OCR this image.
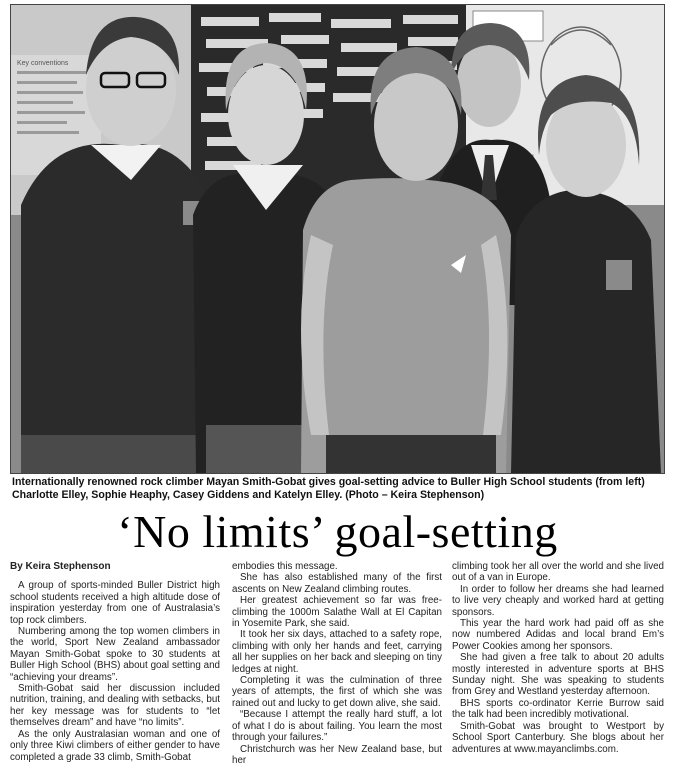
Key conventions
Internationally renowned rock climber Mayan Smith-Gobat gives goal-setting advice to Buller High School students (from left) Charlotte Elley, Sophie Heaphy, Casey Giddens and Katelyn Elley. (Photo – Keira Stephenson)
‘No limits’ goal-setting

By Keira Stephenson

A group of sports-minded Buller District high school students received a high altitude dose of inspiration yesterday from one of Australasia’s top rock climbers.

Numbering among the top women climbers in the world, Sport New Zealand ambassador Mayan Smith-Gobat spoke to 30 students at Buller High School (BHS) about goal setting and “achieving your dreams”.

Smith-Gobat said her discussion included nutrition, training, and dealing with setbacks, but her key message was for students to “let themselves dream” and have “no limits”.

As the only Australasian woman and one of only three Kiwi climbers of either gender to have completed a grade 33 climb, Smith-Gobat

embodies this message.

She has also established many of the first ascents on New Zealand climbing routes.

Her greatest achievement so far was free-climbing the 1000m Salathe Wall at El Capitan in Yosemite Park, she said.

It took her six days, attached to a safety rope, climbing with only her hands and feet, carrying all her supplies on her back and sleeping on tiny ledges at night.

Completing it was the culmination of three years of attempts, the first of which she was rained out and lucky to get down alive, she said.

“Because I attempt the really hard stuff, a lot of what I do is about failing. You learn the most through your failures.”

Christchurch was her New Zealand base, but her

climbing took her all over the world and she lived out of a van in Europe.

In order to follow her dreams she had learned to live very cheaply and worked hard at getting sponsors.

This year the hard work had paid off as she now numbered Adidas and local brand Em’s Power Cookies among her sponsors.

She had given a free talk to about 20 adults mostly interested in adventure sports at BHS Sunday night. She was speaking to students from Grey and Westland yesterday afternoon.

BHS sports co-ordinator Kerrie Burrow said the talk had been incredibly motivational.

Smith-Gobat was brought to Westport by School Sport Canterbury. She blogs about her adventures at www.mayanclimbs.com.
